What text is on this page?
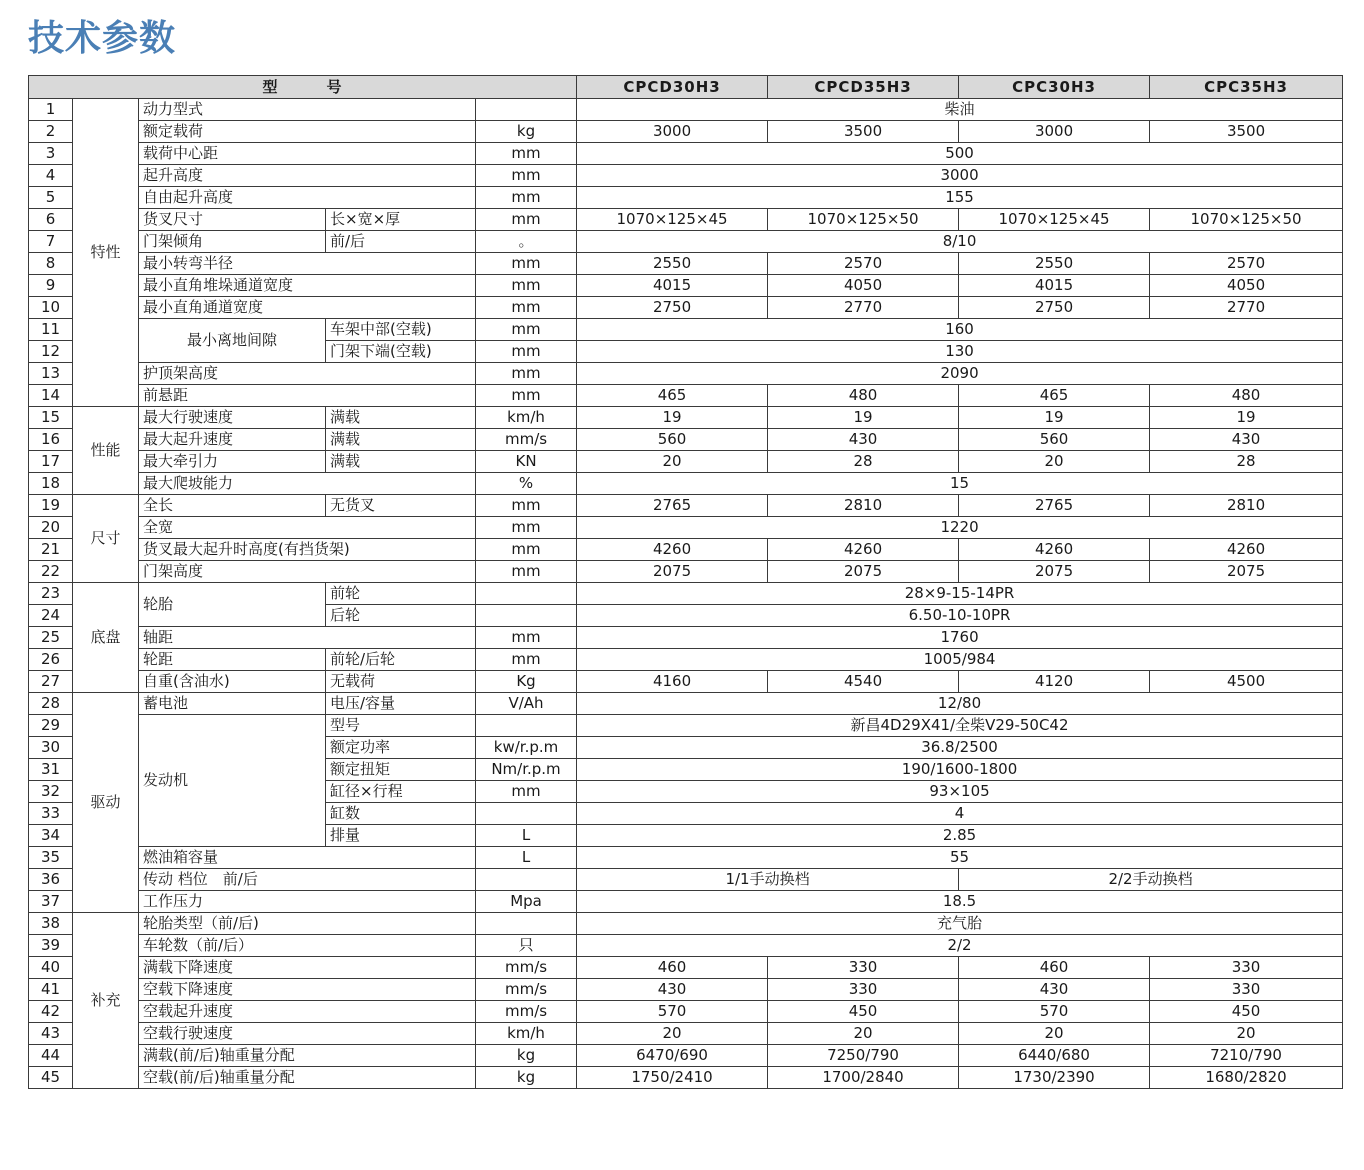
技术参数
型　　　号					CPCD30H3	CPCD35H3	CPC30H3	CPC35H3
1	特性	动力型式			柴油			
2		额定载荷		kg	3000	3500	3000	3500
3		载荷中心距		mm	500			
4		起升高度		mm	3000			
5		自由起升高度		mm	155			
6		货叉尺寸	长×宽×厚	mm	1070×125×45	1070×125×50	1070×125×45	1070×125×50
7		门架倾角	前/后	。	8/10			
8		最小转弯半径		mm	2550	2570	2550	2570
9		最小直角堆垛通道宽度		mm	4015	4050	4015	4050
10		最小直角通道宽度		mm	2750	2770	2750	2770
11		最小离地间隙	车架中部(空载)	mm	160			
12			门架下端(空载)	mm	130			
13		护顶架高度		mm	2090			
14		前悬距		mm	465	480	465	480
15	性能	最大行驶速度	满载	km/h	19	19	19	19
16		最大起升速度	满载	mm/s	560	430	560	430
17		最大牵引力	满载	KN	20	28	20	28
18		最大爬坡能力		%	15			
19	尺寸	全长	无货叉	mm	2765	2810	2765	2810
20		全宽		mm	1220			
21		货叉最大起升时高度(有挡货架)		mm	4260	4260	4260	4260
22		门架高度		mm	2075	2075	2075	2075
23	底盘	轮胎	前轮		28×9-15-14PR			
24			后轮		6.50-10-10PR			
25		轴距		mm	1760			
26		轮距	前轮/后轮	mm	1005/984			
27		自重(含油水)	无载荷	Kg	4160	4540	4120	4500
28	驱动	蓄电池	电压/容量	V/Ah	12/80			
29		发动机	型号		新昌4D29X41/全柴V29-50C42			
30			额定功率	kw/r.p.m	36.8/2500			
31			额定扭矩	Nm/r.p.m	190/1600-1800			
32			缸径×行程	mm	93×105			
33			缸数		4			
34			排量	L	2.85			
35		燃油箱容量		L	55			
36		传动 档位　前/后			1/1手动换档		2/2手动换档	
37		工作压力		Mpa	18.5			
38	补充	轮胎类型（前/后)			充气胎			
39		车轮数（前/后）		只	2/2			
40		满载下降速度		mm/s	460	330	460	330
41		空载下降速度		mm/s	430	330	430	330
42		空载起升速度		mm/s	570	450	570	450
43		空载行驶速度		km/h	20	20	20	20
44		满载(前/后)轴重量分配		kg	6470/690	7250/790	6440/680	7210/790
45		空载(前/后)轴重量分配		kg	1750/2410	1700/2840	1730/2390	1680/2820
